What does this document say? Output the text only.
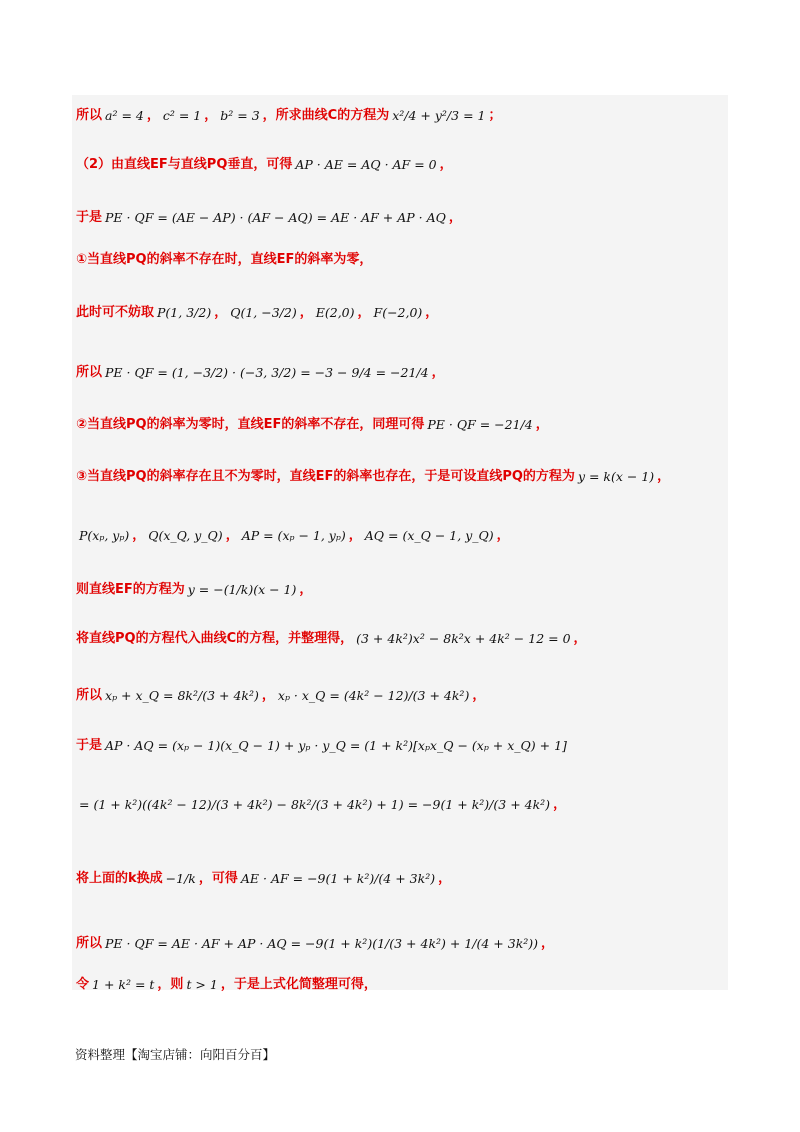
所以 a² = 4 ， c² = 1 ， b² = 3 ，所求曲线C的方程为 x²/4 + y²/3 = 1 ；
（2）由直线EF与直线PQ垂直，可得 AP · AE = AQ · AF = 0 ，
于是 PE · QF = (AE − AP) · (AF − AQ) = AE · AF + AP · AQ ，
①当直线PQ的斜率不存在时，直线EF的斜率为零，
此时可不妨取 P(1, 3/2) ， Q(1, −3/2) ， E(2,0) ， F(−2,0) ，
所以 PE · QF = (1, −3/2) · (−3, 3/2) = −3 − 9/4 = −21/4 ，
②当直线PQ的斜率为零时，直线EF的斜率不存在，同理可得 PE · QF = −21/4 ，
③当直线PQ的斜率存在且不为零时，直线EF的斜率也存在，于是可设直线PQ的方程为 y = k(x − 1) ，
P(xₚ, yₚ) ， Q(x_Q, y_Q) ， AP = (xₚ − 1, yₚ) ， AQ = (x_Q − 1, y_Q) ，
则直线EF的方程为 y = −(1/k)(x − 1) ，
将直线PQ的方程代入曲线C的方程，并整理得， (3 + 4k²)x² − 8k²x + 4k² − 12 = 0 ，
所以 xₚ + x_Q = 8k²/(3 + 4k²) ， xₚ · x_Q = (4k² − 12)/(3 + 4k²) ，
于是 AP · AQ = (xₚ − 1)(x_Q − 1) + yₚ · y_Q = (1 + k²)[xₚx_Q − (xₚ + x_Q) + 1]
= (1 + k²)((4k² − 12)/(3 + 4k²) − 8k²/(3 + 4k²) + 1) = −9(1 + k²)/(3 + 4k²) ，
将上面的k换成 −1/k ，可得 AE · AF = −9(1 + k²)/(4 + 3k²) ，
所以 PE · QF = AE · AF + AP · AQ = −9(1 + k²)(1/(3 + 4k²) + 1/(4 + 3k²)) ，
令 1 + k² = t ，则 t > 1 ，于是上式化简整理可得，
资料整理【淘宝店铺：向阳百分百】
